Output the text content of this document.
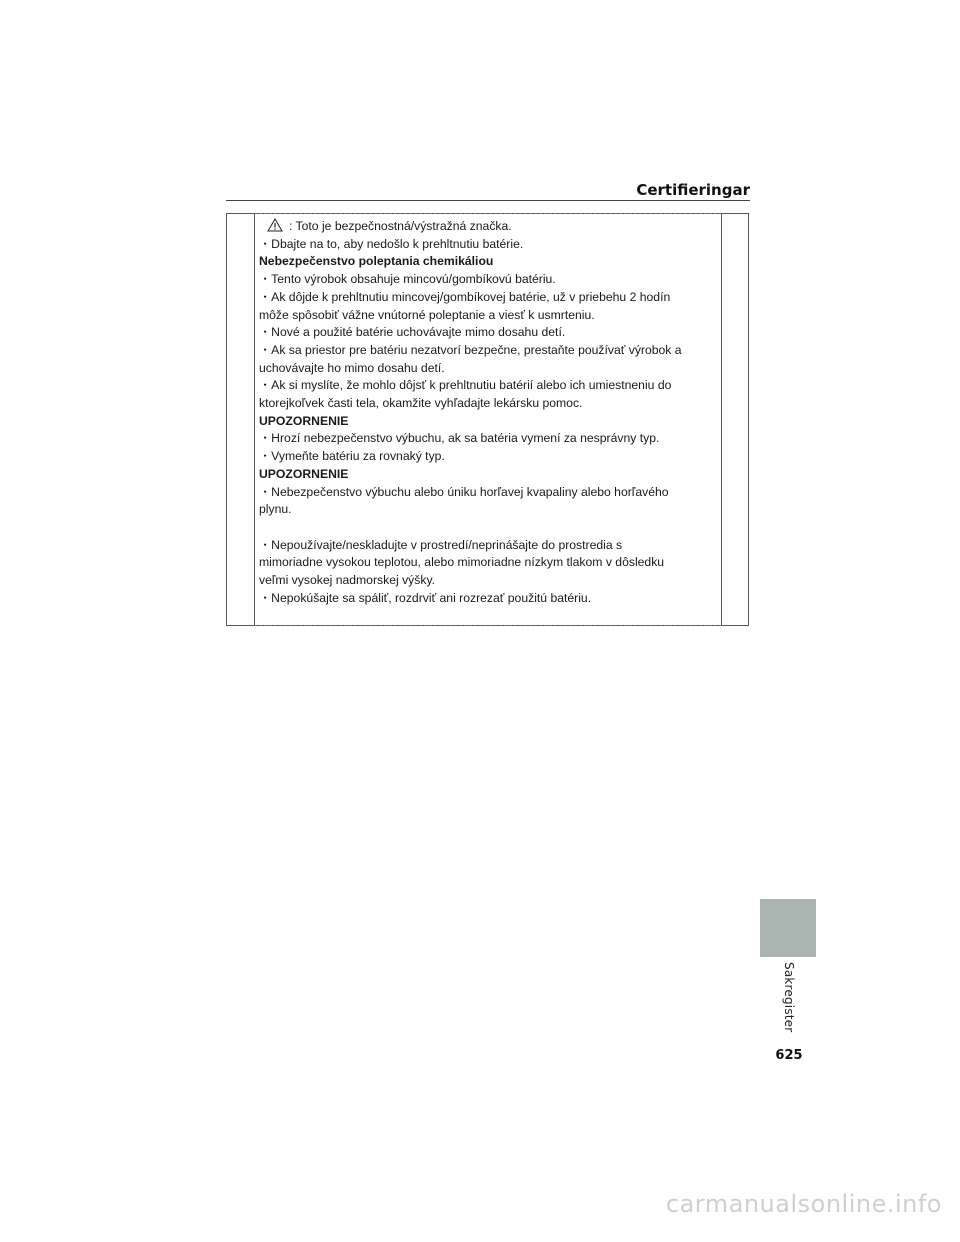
Certifieringar
: Toto je bezpečnostná/výstražná značka.
・Dbajte na to, aby nedošlo k prehltnutiu batérie.
Nebezpečenstvo poleptania chemikáliou
・Tento výrobok obsahuje mincovú/gombíkovú batériu.
・Ak dôjde k prehltnutiu mincovej/gombíkovej batérie, už v priebehu 2 hodín
môže spôsobiť vážne vnútorné poleptanie a viesť k usmrteniu.
・Nové a použité batérie uchovávajte mimo dosahu detí.
・Ak sa priestor pre batériu nezatvorí bezpečne, prestaňte používať výrobok a
uchovávajte ho mimo dosahu detí.
・Ak si myslíte, že mohlo dôjsť k prehltnutiu batérií alebo ich umiestneniu do
ktorejkoľvek časti tela, okamžite vyhľadajte lekársku pomoc.
UPOZORNENIE
・Hrozí nebezpečenstvo výbuchu, ak sa batéria vymení za nesprávny typ.
・Vymeňte batériu za rovnaký typ.
UPOZORNENIE
・Nebezpečenstvo výbuchu alebo úniku horľavej kvapaliny alebo horľavého
plynu.
・Nepoužívajte/neskladujte v prostredí/neprinášajte do prostredia s
mimoriadne vysokou teplotou, alebo mimoriadne nízkym tlakom v dôsledku
veľmi vysokej nadmorskej výšky.
・Nepokúšajte sa spáliť, rozdrviť ani rozrezať použitú batériu.
Sakregister
625
carmanualsonline.info
